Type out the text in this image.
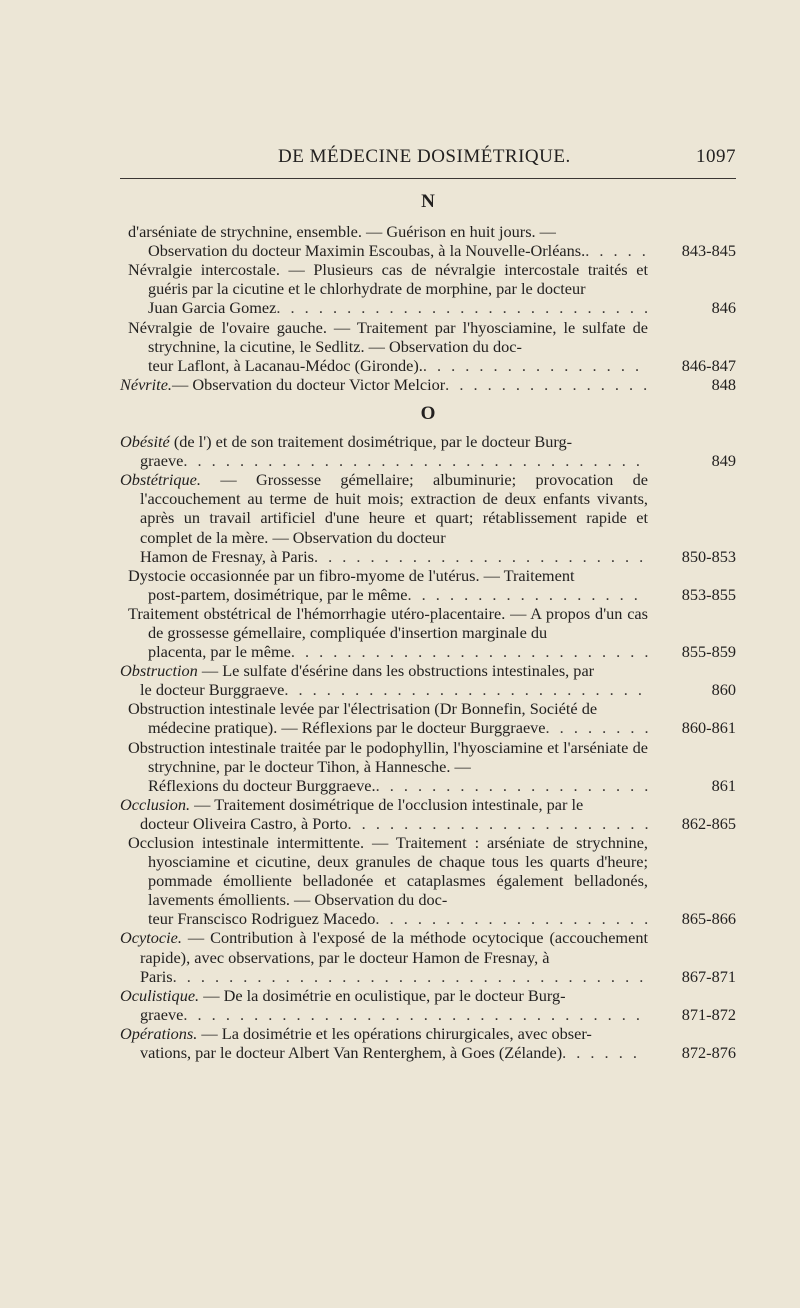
DE MÉDECINE DOSIMÉTRIQUE.	1097
N
d'arséniate de strychnine, ensemble. — Guérison en huit jours. —
Observation du docteur Maximin Escoubas, à la Nouvelle-Orléans. . . .	843-845
Névralgie intercostale. — Plusieurs cas de névralgie intercostale traités et guéris par la cicutine et le chlorhydrate de morphine, par le docteur
Juan Garcia Gomez . . .	846
Névralgie de l'ovaire gauche. — Traitement par l'hyosciamine, le sulfate de strychnine, la cicutine, le Sedlitz. — Observation du doc-
teur Laflont, à Lacanau-Médoc (Gironde). . . .	846-847
Névrite. — Observation du docteur Victor Melcior . . .	848
O
Obésité (de l') et de son traitement dosimétrique, par le docteur Burg-
graeve . . .	849
Obstétrique. — Grossesse gémellaire; albuminurie; provocation de l'accouchement au terme de huit mois; extraction de deux enfants vivants, après un travail artificiel d'une heure et quart; rétablissement rapide et complet de la mère. — Observation du docteur
Hamon de Fresnay, à Paris . . .	850-853
Dystocie occasionnée par un fibro-myome de l'utérus. — Traitement
post-partem, dosimétrique, par le même . . .	853-855
Traitement obstétrical de l'hémorrhagie utéro-placentaire. — A propos d'un cas de grossesse gémellaire, compliquée d'insertion marginale du
placenta, par le même . . .	855-859
Obstruction — Le sulfate d'ésérine dans les obstructions intestinales, par
le docteur Burggraeve . . .	860
Obstruction intestinale levée par l'électrisation (Dr Bonnefin, Société de
médecine pratique). — Réflexions par le docteur Burggraeve . . .	860-861
Obstruction intestinale traitée par le podophyllin, l'hyosciamine et l'arséniate de strychnine, par le docteur Tihon, à Hannesche. —
Réflexions du docteur Burggraeve. . . .	861
Occlusion. — Traitement dosimétrique de l'occlusion intestinale, par le
docteur Oliveira Castro, à Porto . . .	862-865
Occlusion intestinale intermittente. — Traitement : arséniate de strychnine, hyosciamine et cicutine, deux granules de chaque tous les quarts d'heure; pommade émolliente belladonée et cataplasmes également belladonés, lavements émollients. — Observation du doc-
teur Franscisco Rodriguez Macedo . . .	865-866
Ocytocie. — Contribution à l'exposé de la méthode ocytocique (accouchement rapide), avec observations, par le docteur Hamon de Fresnay, à
Paris . . .	867-871
Oculistique. — De la dosimétrie en oculistique, par le docteur Burg-
graeve . . .	871-872
Opérations. — La dosimétrie et les opérations chirurgicales, avec obser-
vations, par le docteur Albert Van Renterghem, à Goes (Zélande) . . .	872-876
